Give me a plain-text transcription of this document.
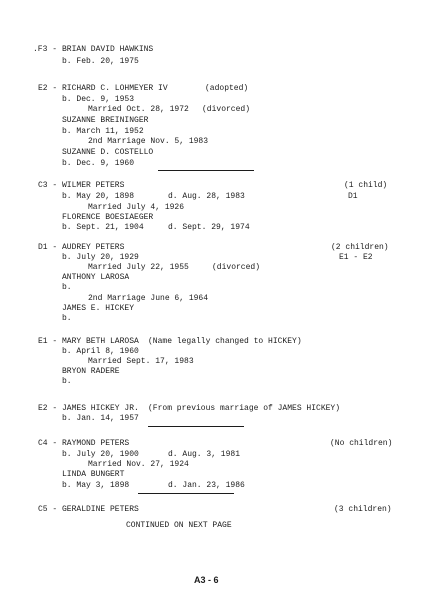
.F3 - BRIAN DAVID HAWKINS
b. Feb. 20, 1975
E2 - RICHARD C. LOHMEYER IV	(adopted)
b. Dec. 9, 1953
Married Oct. 28, 1972 (divorced)
SUZANNE BREININGER
b. March 11, 1952
2nd Marriage Nov. 5, 1983
SUZANNE D. COSTELLO
b. Dec. 9, 1960
C3 - WILMER PETERS	(1 child)
b. May 20, 1898	d. Aug. 28, 1983	D1
Married July 4, 1926
FLORENCE BOESIAEGER
b. Sept. 21, 1904	d. Sept. 29, 1974
D1 - AUDREY PETERS	(2 children)
b. July 20, 1929	E1 - E2
Married July 22, 1955	(divorced)
ANTHONY LAROSA
b.
2nd Marriage June 6, 1964
JAMES E. HICKEY
b.
E1 - MARY BETH LAROSA (Name legally changed to HICKEY)
b. April 8, 1960
Married Sept. 17, 1983
BRYON RADERE
b.
E2 - JAMES HICKEY JR. (From previous marriage of JAMES HICKEY)
b. Jan. 14, 1957
C4 - RAYMOND PETERS	(No children)
b. July 20, 1900	d. Aug. 3, 1981
Married Nov. 27, 1924
LINDA BUNGERT
b. May 3, 1898	d. Jan. 23, 1986
C5 - GERALDINE PETERS	(3 children)
CONTINUED ON NEXT PAGE
A3 - 6
